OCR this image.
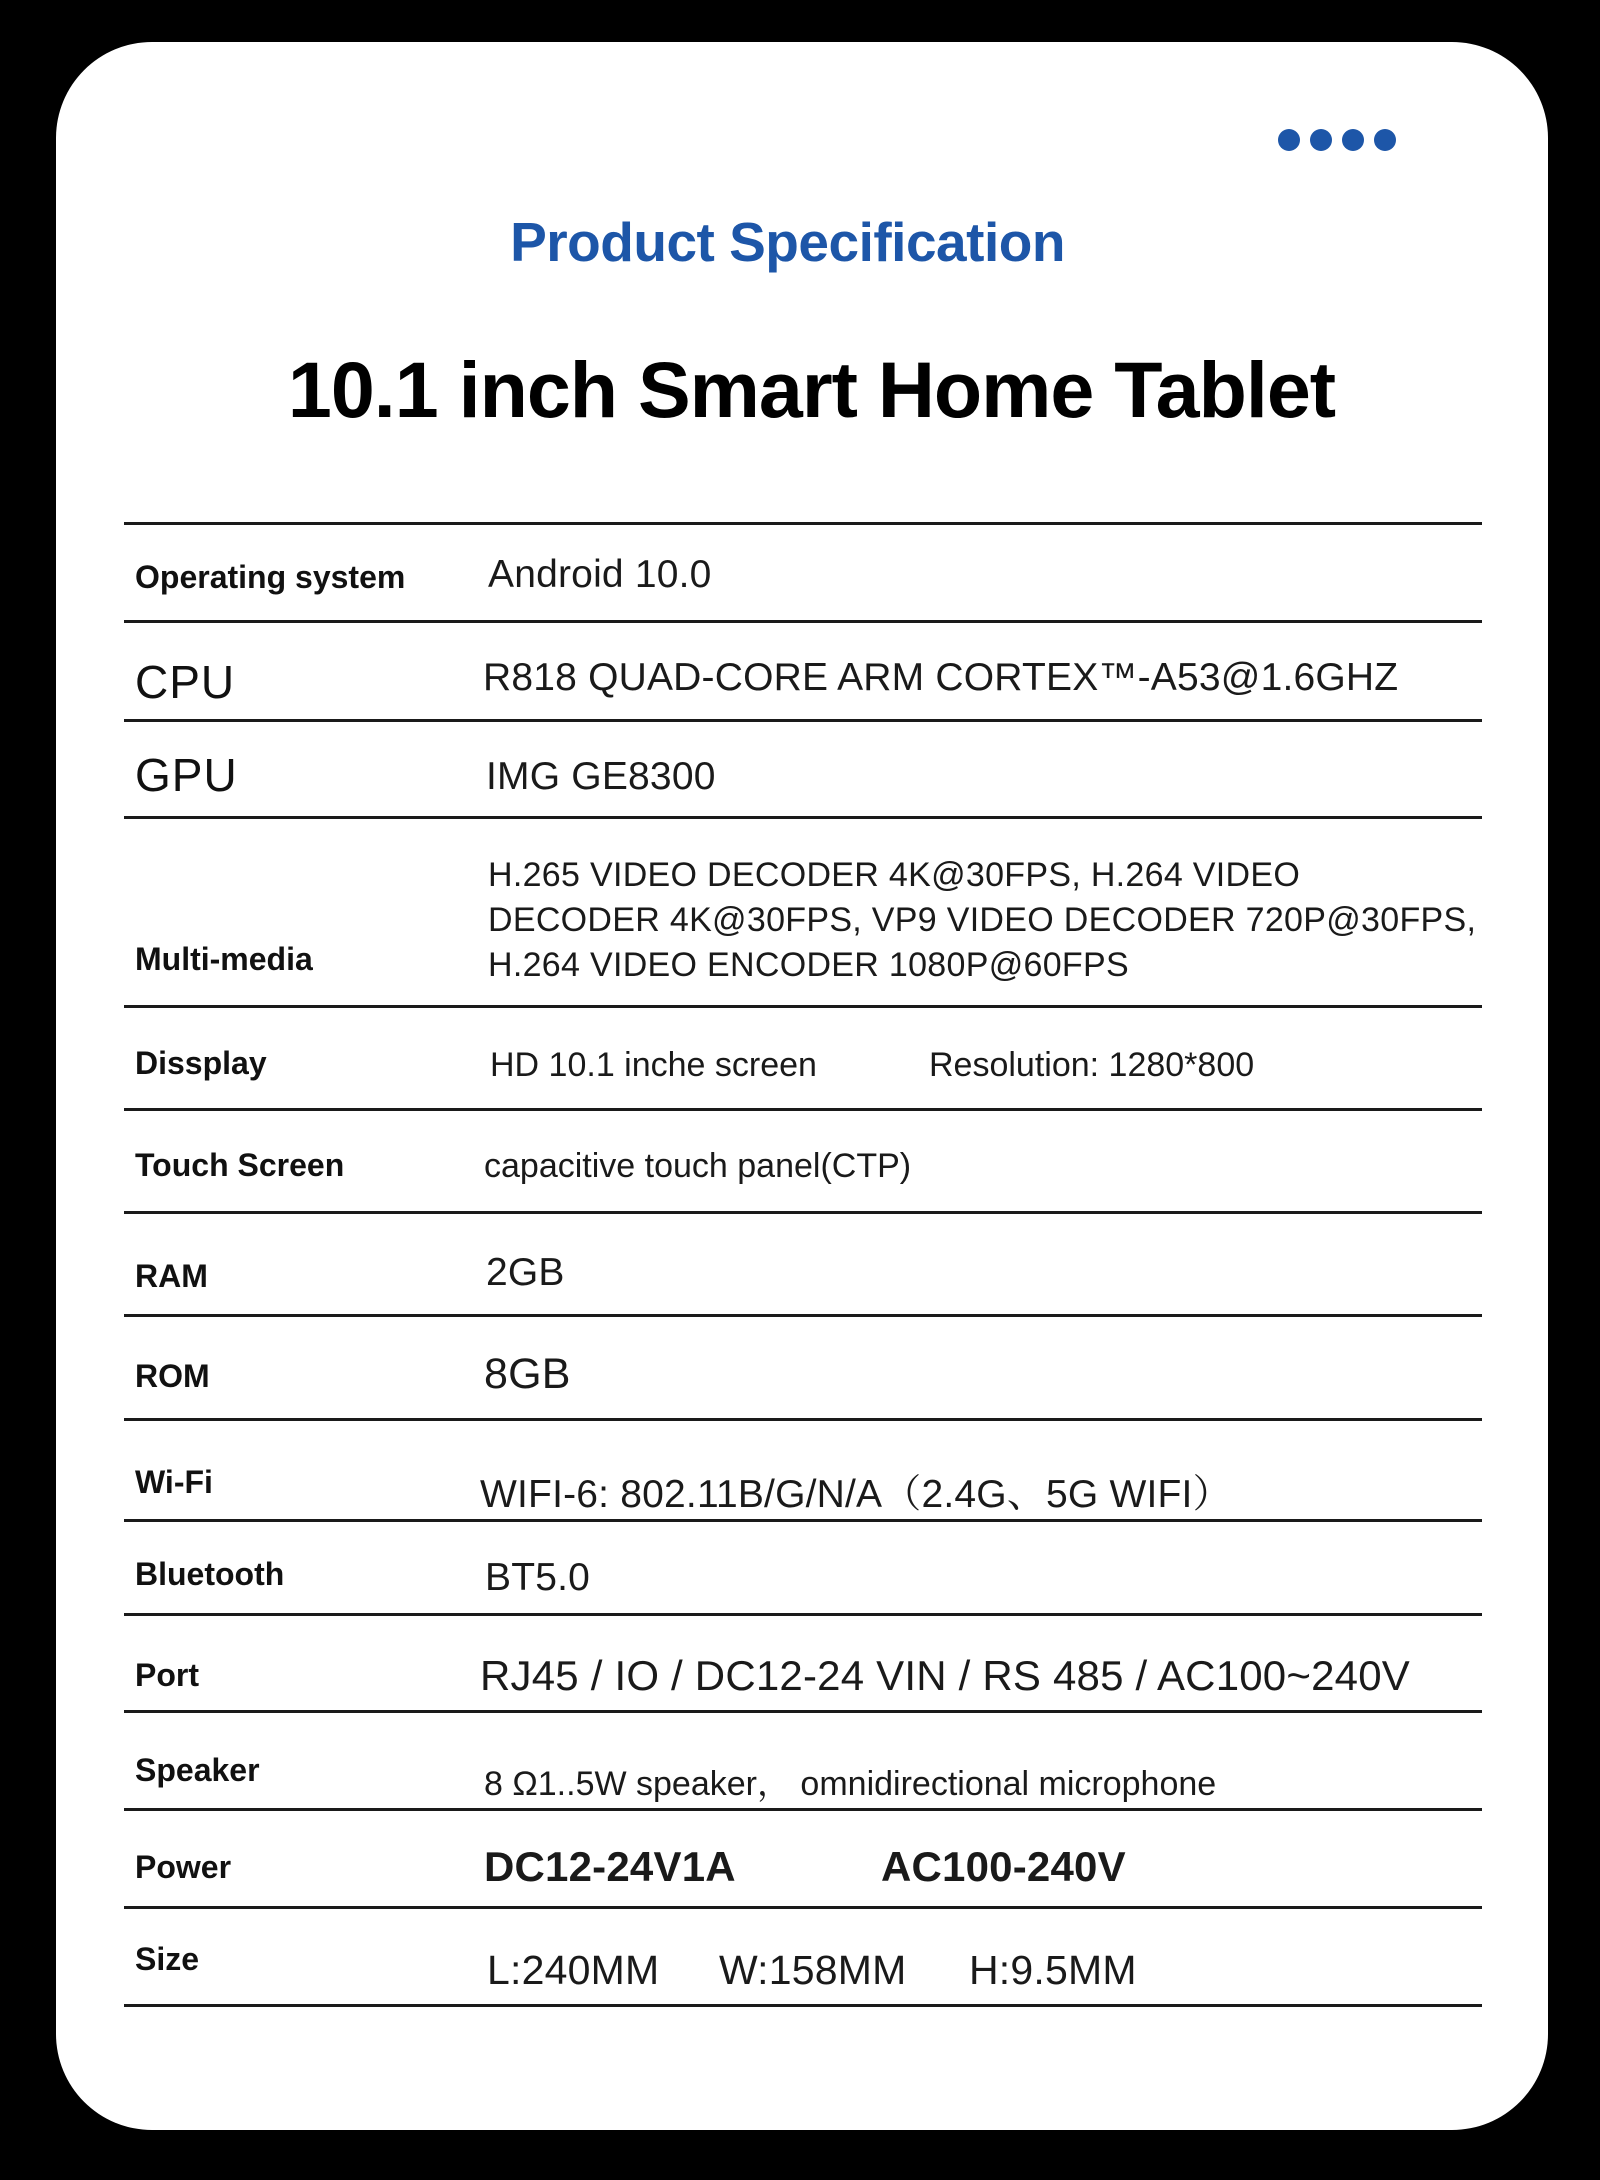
Product Specification
10.1 inch Smart Home Tablet
Operating system Android 10.0
CPU	R818 QUAD-CORE ARM CORTEX™-A53@1.6GHZ
GPU	IMG GE8300
Multi-media
H.265 VIDEO DECODER 4K@30FPS, H.264 VIDEO
DECODER 4K@30FPS, VP9 VIDEO DECODER 720P@30FPS,
H.264 VIDEO ENCODER 1080P@60FPS
Dissplay	HD 10.1 inche screen	Resolution: 1280*800
Touch Screen	capacitive touch panel(CTP)
RAM	2GB
ROM	8GB
Wi-Fi	WIFI-6: 802.11B/G/N/A（2.4G、5G WIFI）
Bluetooth	BT5.0
Port	RJ45 / IO / DC12-24 VIN / RS 485 / AC100~240V
Speaker	8 Ω1..5W speaker， omnidirectional microphone
Power	DC12-24V1A	AC100-240V
Size	L:240MM W:158MM H:9.5MM
